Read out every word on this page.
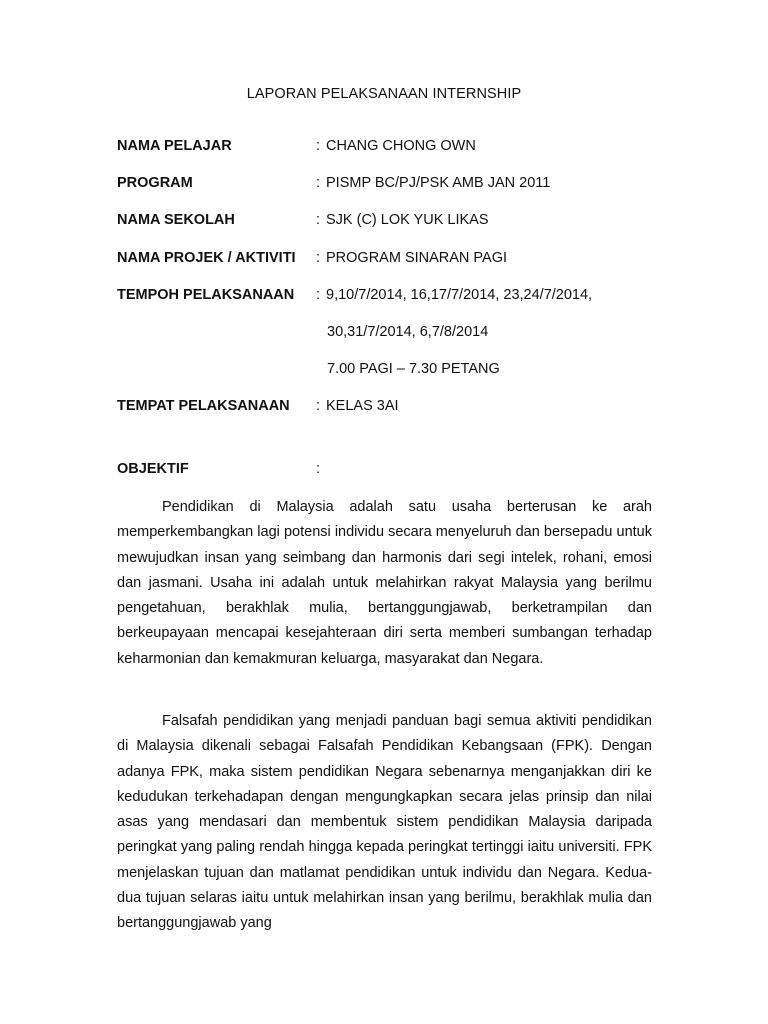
LAPORAN PELAKSANAAN INTERNSHIP
NAMA PELAJAR	: CHANG CHONG OWN
PROGRAM	: PISMP BC/PJ/PSK AMB JAN 2011
NAMA SEKOLAH	: SJK (C) LOK YUK LIKAS
NAMA PROJEK / AKTIVITI : PROGRAM SINARAN PAGI
TEMPOH PELAKSANAAN : 9,10/7/2014, 16,17/7/2014, 23,24/7/2014,
30,31/7/2014, 6,7/8/2014
7.00 PAGI – 7.30 PETANG
TEMPAT PELAKSANAAN : KELAS 3AI
OBJEKTIF	:

Pendidikan di Malaysia adalah satu usaha berterusan ke arah memperkembangkan lagi potensi individu secara menyeluruh dan bersepadu untuk mewujudkan insan yang seimbang dan harmonis dari segi intelek, rohani, emosi dan jasmani. Usaha ini adalah untuk melahirkan rakyat Malaysia yang berilmu pengetahuan, berakhlak mulia, bertanggungjawab, berketrampilan dan berkeupayaan mencapai kesejahteraan diri serta memberi sumbangan terhadap keharmonian dan kemakmuran keluarga, masyarakat dan Negara.

Falsafah pendidikan yang menjadi panduan bagi semua aktiviti pendidikan di Malaysia dikenali sebagai Falsafah Pendidikan Kebangsaan (FPK). Dengan adanya FPK, maka sistem pendidikan Negara sebenarnya menganjakkan diri ke kedudukan terkehadapan dengan mengungkapkan secara jelas prinsip dan nilai asas yang mendasari dan membentuk sistem pendidikan Malaysia daripada peringkat yang paling rendah hingga kepada peringkat tertinggi iaitu universiti. FPK menjelaskan tujuan dan matlamat pendidikan untuk individu dan Negara. Kedua-dua tujuan selaras iaitu untuk melahirkan insan yang berilmu, berakhlak mulia dan bertanggungjawab yang
